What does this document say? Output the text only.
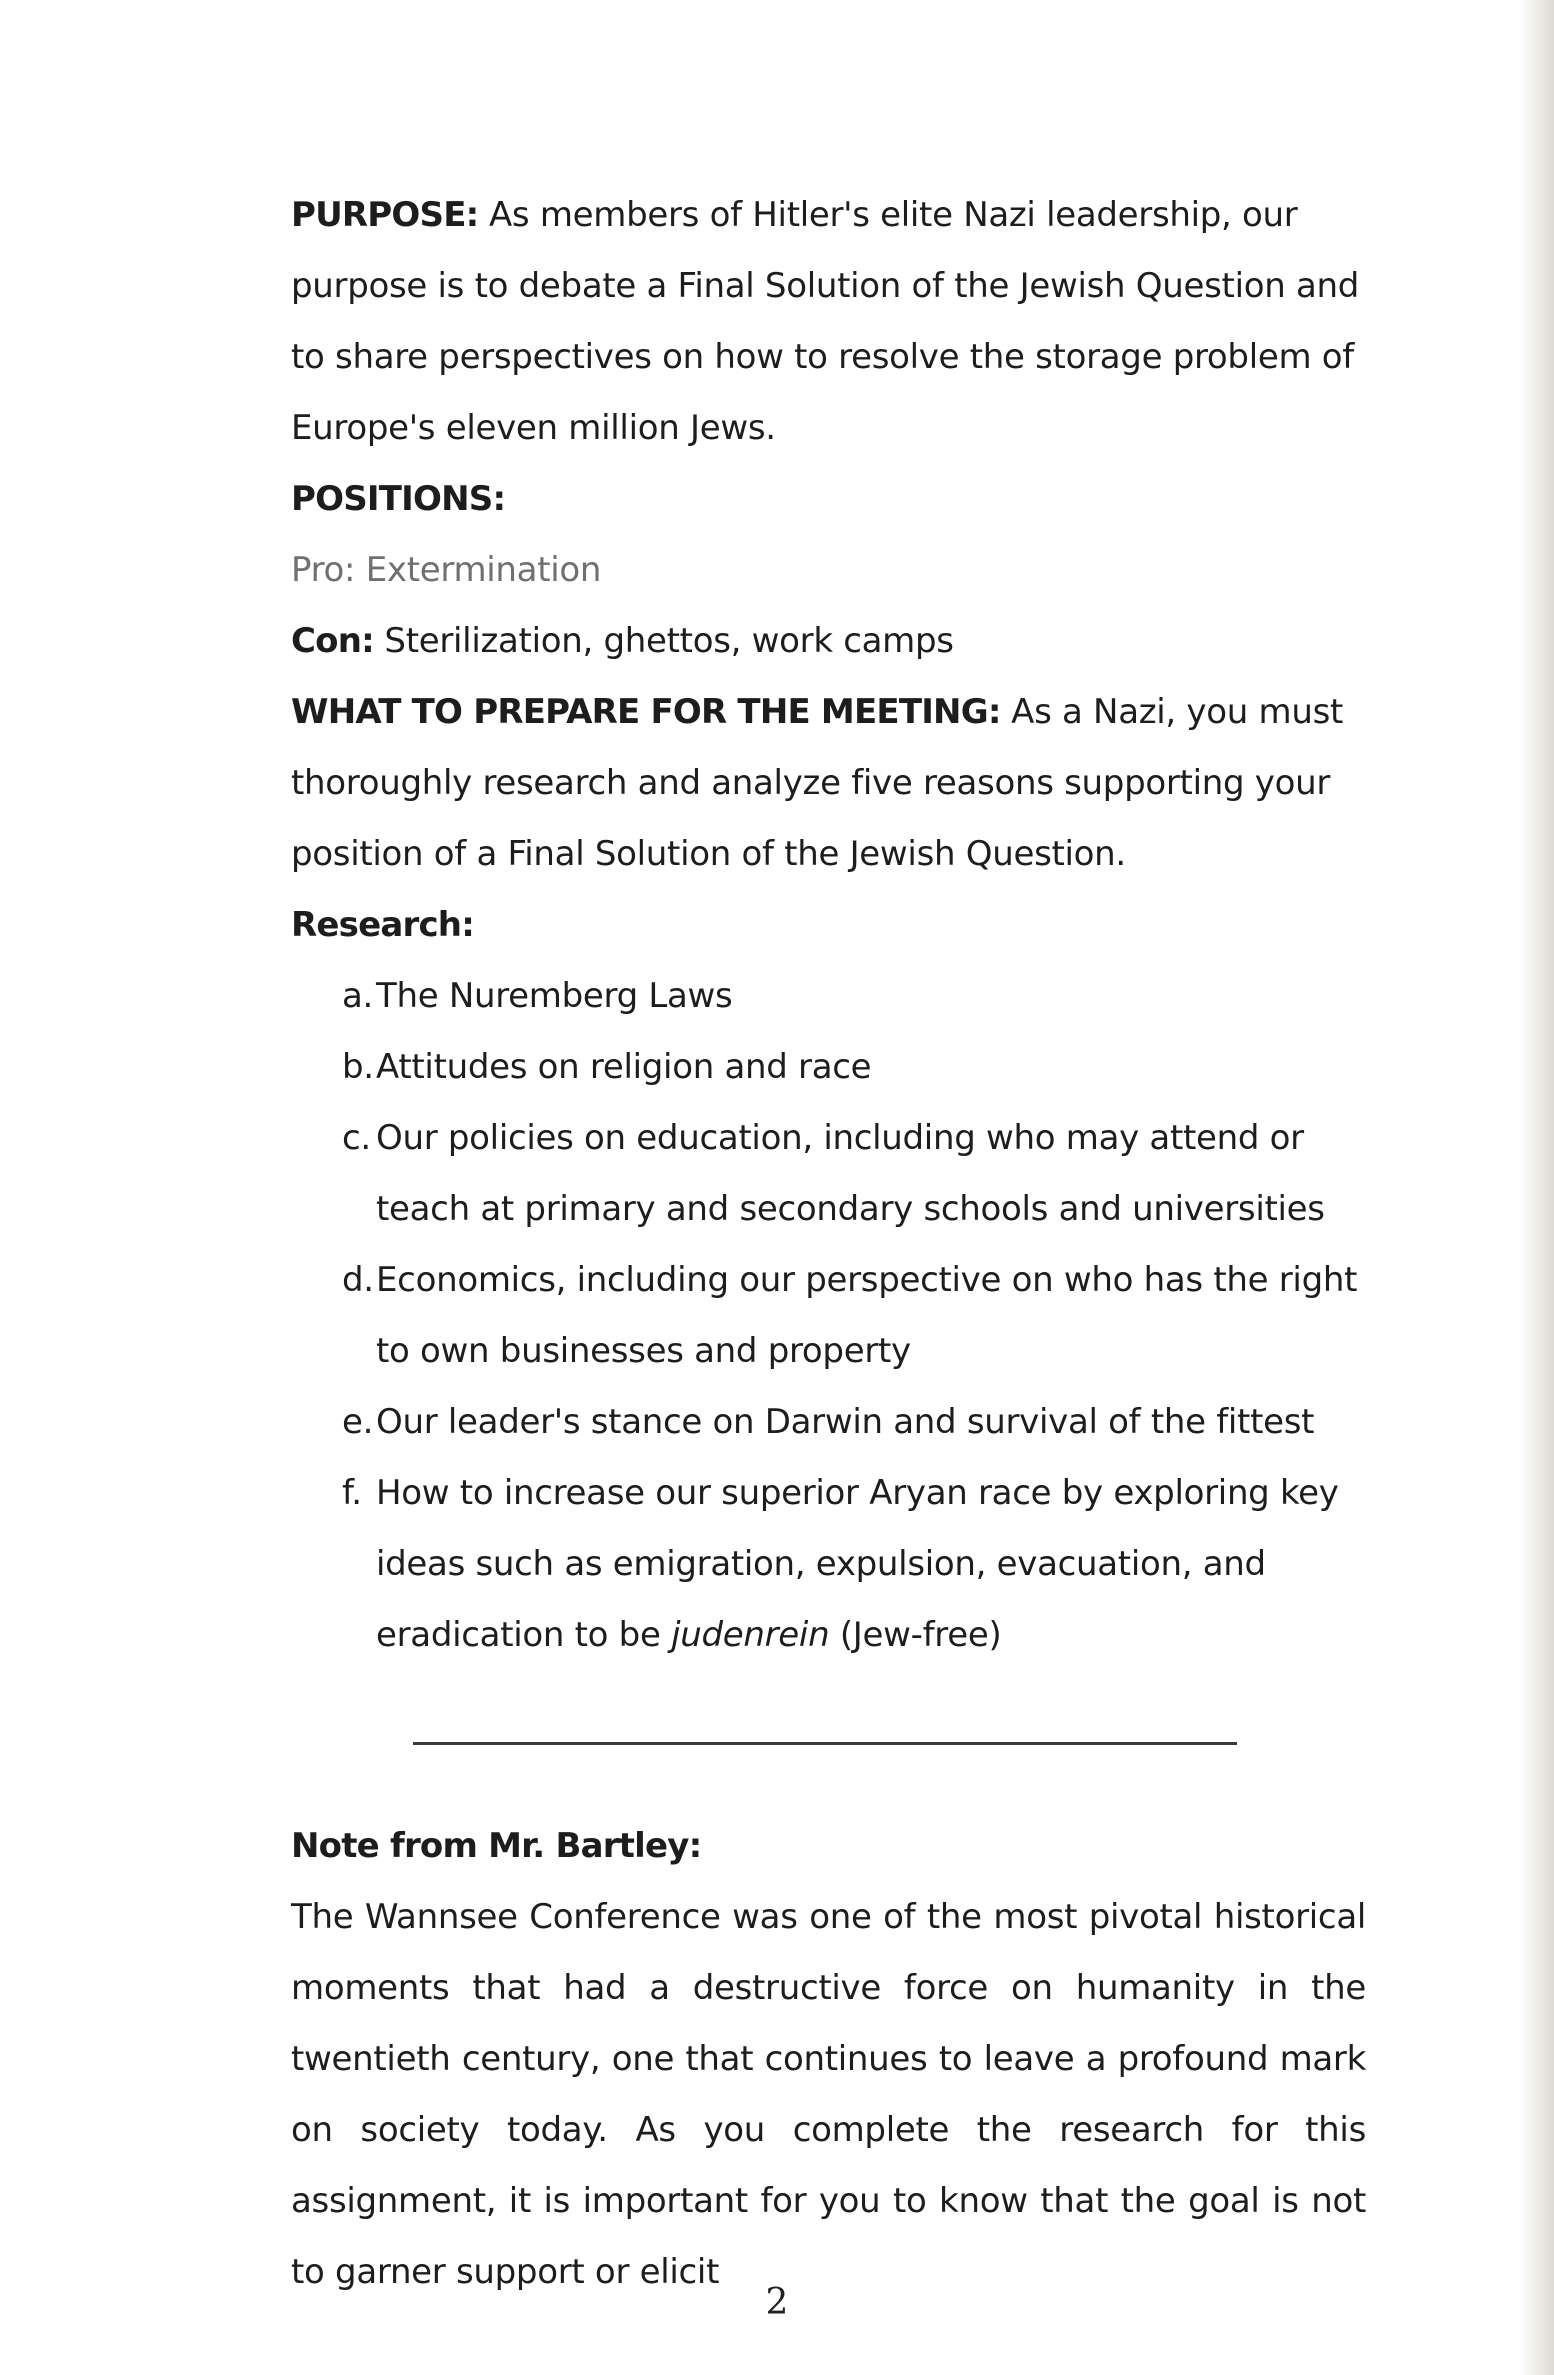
PURPOSE: As members of Hitler's elite Nazi leadership, our purpose is to debate a Final Solution of the Jewish Question and to share perspectives on how to resolve the storage problem of Europe's eleven million Jews.

POSITIONS:

Pro: Extermination

Con: Sterilization, ghettos, work camps

WHAT TO PREPARE FOR THE MEETING: As a Nazi, you must thoroughly research and analyze five reasons supporting your position of a Final Solution of the Jewish Question.

Research:

a.The Nuremberg Laws
b.Attitudes on religion and race
c. Our policies on education, including who may attend or teach at primary and secondary schools and universities
d.Economics, including our perspective on who has the right to own businesses and property
e.Our leader's stance on Darwin and survival of the fittest
f. How to increase our superior Aryan race by exploring key ideas such as emigration, expulsion, evacuation, and eradication to be judenrein (Jew-free)

Note from Mr. Bartley:

The Wannsee Conference was one of the most pivotal historical moments that had a destructive force on humanity in the twentieth century, one that continues to leave a profound mark on society today. As you complete the research for this assignment, it is important for you to know that the goal is not to garner support or elicit

2
